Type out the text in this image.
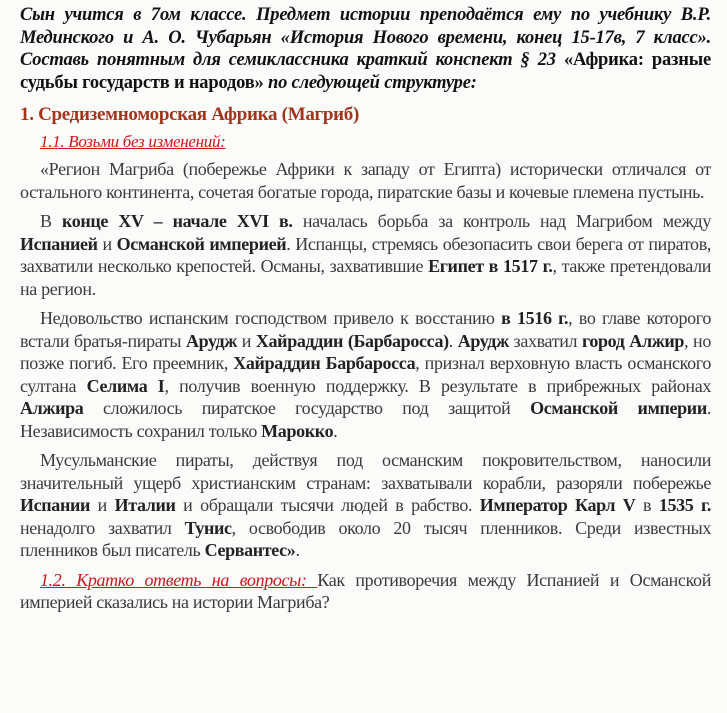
Сын учится в 7ом классе. Предмет истории преподаётся ему по учебнику В.Р. Мединского и А. О. Чубарьян «История Нового времени, конец 15-17в, 7 класс». Составь понятным для семиклассника краткий конспект § 23 «Африка: разные судьбы государств и народов» по следующей структуре:

1. Средиземноморская Африка (Магриб)
1.1. Возьми без изменений:

«Регион Магриба (побережье Африки к западу от Египта) исторически отличался от остального континента, сочетая богатые города, пиратские базы и кочевые племена пустынь.

В конце XV – начале XVI в. началась борьба за контроль над Магрибом между Испанией и Османской империей. Испанцы, стремясь обезопасить свои берега от пиратов, захватили несколько крепостей. Османы, захватившие Египет в 1517 г., также претендовали на регион.

Недовольство испанским господством привело к восстанию в 1516 г., во главе которого встали братья-пираты Арудж и Хайраддин (Барбаросса). Арудж захватил город Алжир, но позже погиб. Его преемник, Хайраддин Барбаросса, признал верховную власть османского султана Селима I, получив военную поддержку. В результате в прибрежных районах Алжира сложилось пиратское государство под защитой Османской империи. Независимость сохранил только Марокко.

Мусульманские пираты, действуя под османским покровительством, наносили значительный ущерб христианским странам: захватывали корабли, разоряли побережье Испании и Италии и обращали тысячи людей в рабство. Император Карл V в 1535 г. ненадолго захватил Тунис, освободив около 20 тысяч пленников. Среди известных пленников был писатель Сервантес».

1.2. Кратко ответь на вопросы: Как противоречия между Испанией и Османской империей сказались на истории Магриба?
